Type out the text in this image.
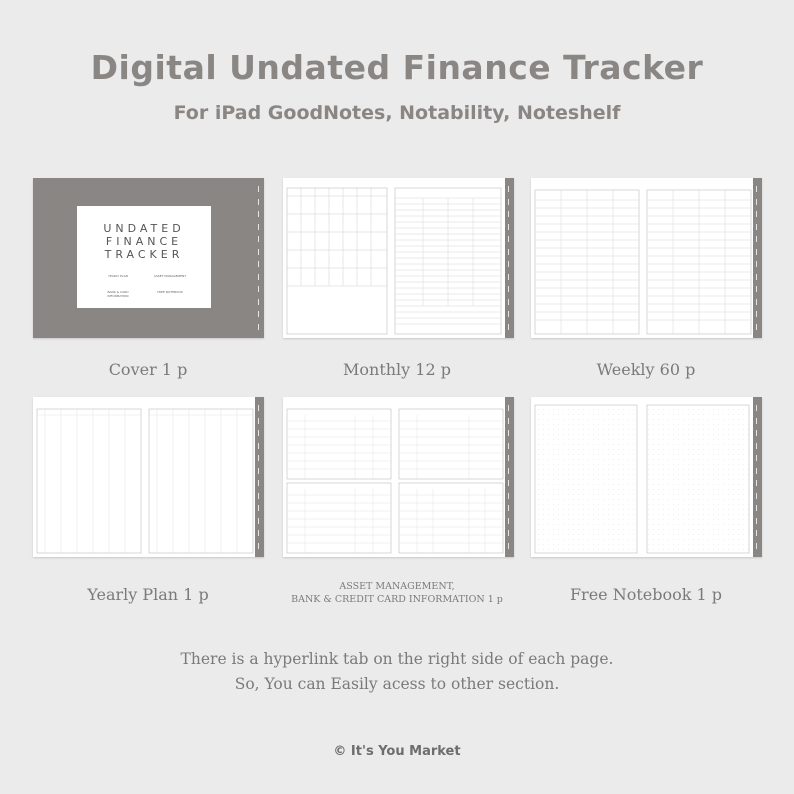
Digital Undated Finance Tracker
For iPad GoodNotes, Notability, Noteshelf
UNDATED
FINANCE
TRACKER
YEARLY PLAN	ASSET MANAGEMENT
BANK & CARD INFORMATION
FREE NOTEBOOK
Cover 1 p	Monthly 12 p	Weekly 60 p
Yearly Plan 1 p	ASSET MANAGEMENT,
BANK & CREDIT CARD INFORMATION 1 p	Free Notebook 1 p
There is a hyperlink tab on the right side of each page.
So, You can Easily acess to other section.
© It's You Market
